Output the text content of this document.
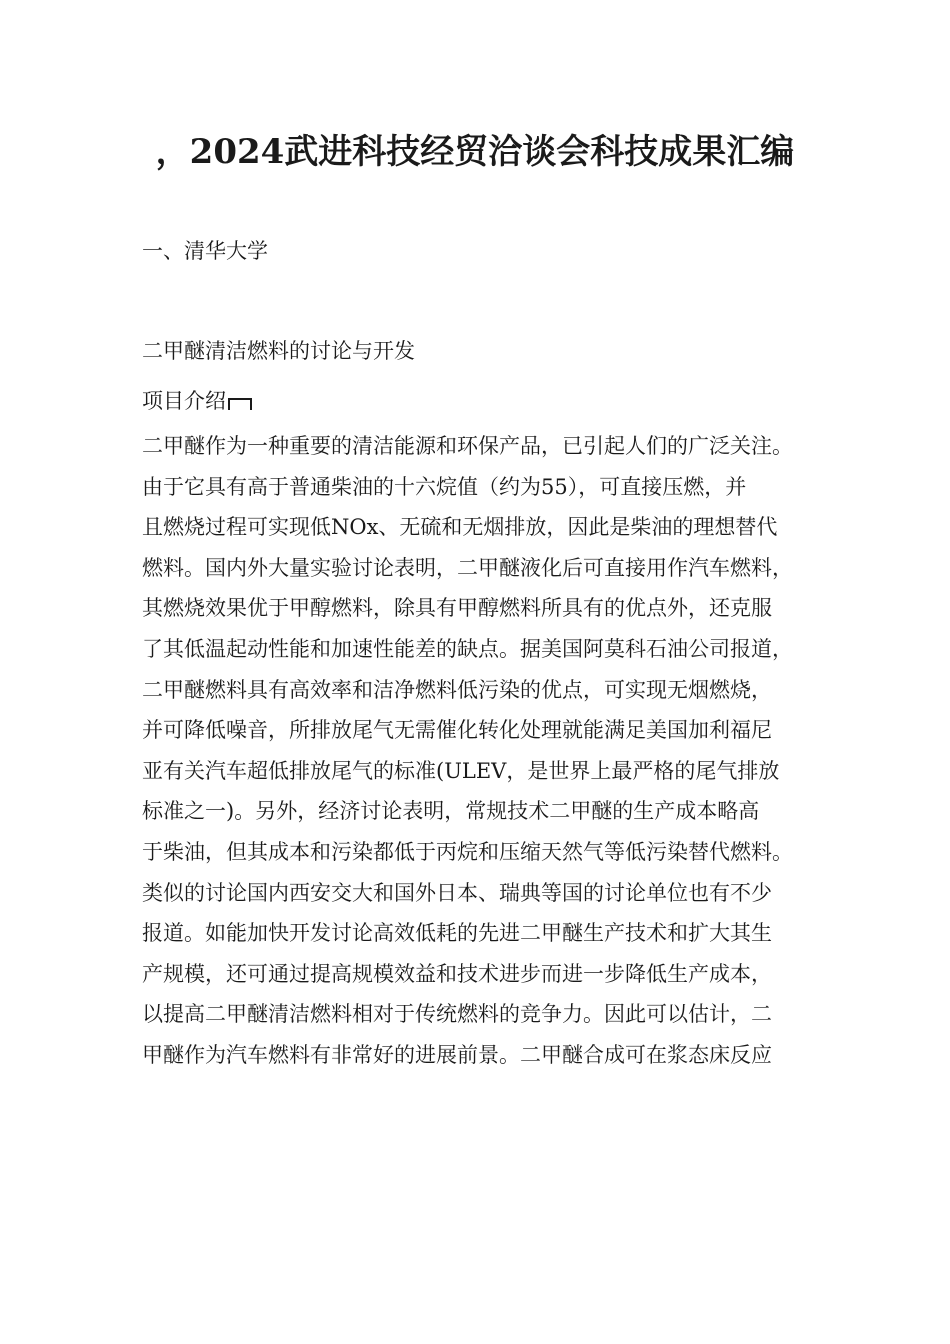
，2024武进科技经贸洽谈会科技成果汇编
一、清华大学
二甲醚清洁燃料的讨论与开发
项目介绍
二甲醚作为一种重要的清洁能源和环保产品，已引起人们的广泛关注。
由于它具有高于普通柴油的十六烷值（约为55），可直接压燃，并
且燃烧过程可实现低NOx、无硫和无烟排放，因此是柴油的理想替代
燃料。国内外大量实验讨论表明，二甲醚液化后可直接用作汽车燃料，
其燃烧效果优于甲醇燃料，除具有甲醇燃料所具有的优点外，还克服
了其低温起动性能和加速性能差的缺点。据美国阿莫科石油公司报道，
二甲醚燃料具有高效率和洁净燃料低污染的优点，可实现无烟燃烧，
并可降低噪音，所排放尾气无需催化转化处理就能满足美国加利福尼
亚有关汽车超低排放尾气的标准(ULEV，是世界上最严格的尾气排放
标准之一)。另外，经济讨论表明，常规技术二甲醚的生产成本略高
于柴油，但其成本和污染都低于丙烷和压缩天然气等低污染替代燃料。
类似的讨论国内西安交大和国外日本、瑞典等国的讨论单位也有不少
报道。如能加快开发讨论高效低耗的先进二甲醚生产技术和扩大其生
产规模，还可通过提高规模效益和技术进步而进一步降低生产成本，
以提高二甲醚清洁燃料相对于传统燃料的竞争力。因此可以估计，二
甲醚作为汽车燃料有非常好的进展前景。二甲醚合成可在浆态床反应
